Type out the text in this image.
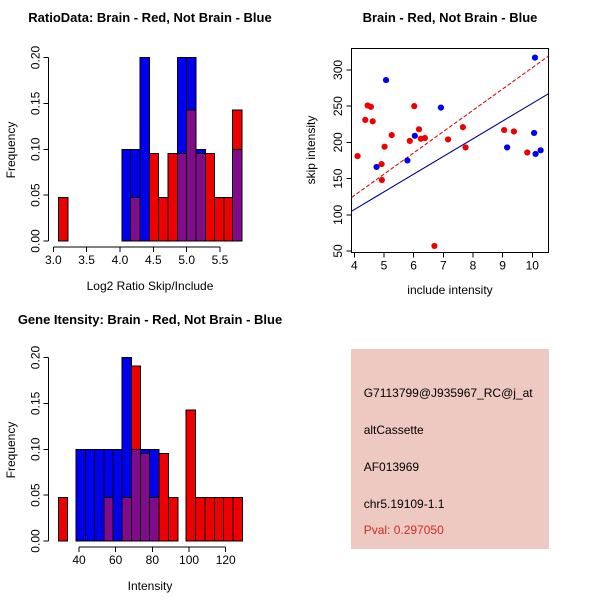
0.00
0.05
0.10
0.15
0.20
3.0 3.5 4.0 4.5 5.0 5.5
RatioData: Brain - Red, Not Brain - Blue
Frequency
Log2 Ratio Skip/Include
4 5 6 7 8 9 10
50
100
150
200
250
300
Brain - Red, Not Brain - Blue
skip intensity
include intensity
0.00
0.05
0.10
0.15
0.20
40 60 80 100 120
Gene Itensity: Brain - Red, Not Brain - Blue
Frequency
Intensity
G7113799@J935967_RC@j_at
altCassette
AF013969
chr5.19109-1.1
Pval: 0.297050
